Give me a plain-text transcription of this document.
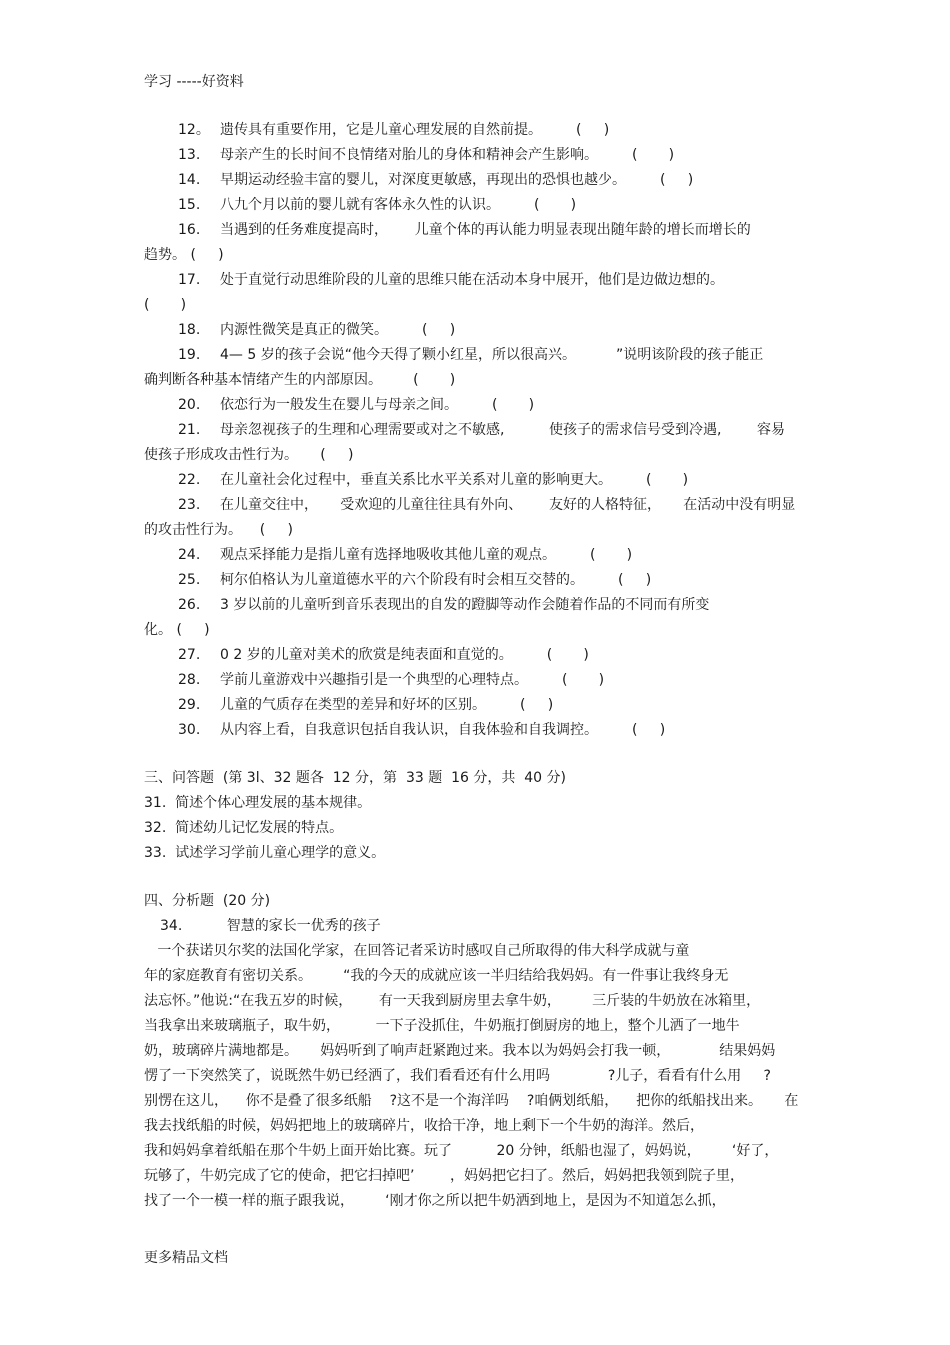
学习 -----好资料
12。 遗传具有重要作用，它是儿童心理发展的自然前提。 (     )
13.	母亲产生的长时间不良情绪对胎儿的身体和精神会产生影响。 (       )
14.	早期运动经验丰富的婴儿，对深度更敏感，再现出的恐惧也越少。 (     )
15.	八九个月以前的婴儿就有客体永久性的认识。 (       )
16.	当遇到的任务难度提高时，      儿童个体的再认能力明显表现出随年龄的增长而增长的
趋势。 (     )
17.	处于直觉行动思维阶段的儿童的思维只能在活动本身中展开，他们是边做边想的。
(       )
18.	内源性微笑是真正的微笑。 (     )
19.	4— 5 岁的孩子会说“他今天得了颗小红星，所以很高兴。         ”说明该阶段的孩子能正
确判断各种基本情绪产生的内部原因。       (       )
20.	依恋行为一般发生在婴儿与母亲之间。 (       )
21.	母亲忽视孩子的生理和心理需要或对之不敏感,          使孩子的需求信号受到冷遇,        容易
使孩子形成攻击性行为。     (     )
22.	在儿童社会化过程中，垂直关系比水平关系对儿童的影响更大。 (       )
23.	在儿童交往中，     受欢迎的儿童往往具有外向、      友好的人格特征，     在活动中没有明显
的攻击性行为。    (     )
24.	观点采择能力是指儿童有选择地吸收其他儿童的观点。 (       )
25.	柯尔伯格认为儿童道德水平的六个阶段有时会相互交替的。 (     )
26.	3 岁以前的儿童听到音乐表现出的自发的蹬脚等动作会随着作品的不同而有所变
化。 (     )
27.	0 2 岁的儿童对美术的欣赏是纯表面和直觉的。 (       )
28.	学前儿童游戏中兴趣指引是一个典型的心理特点。 (       )
29.	儿童的气质存在类型的差异和好坏的区别。 (     )
30.	从内容上看，自我意识包括自我认识，自我体验和自我调控。 (     )
三、问答题  (第 3l、32 题各  12 分，第  33 题  16 分，共  40 分)
31.  简述个体心理发展的基本规律。
32.  简述幼儿记忆发展的特点。
33.  试述学习学前儿童心理学的意义。
四、分析题  (20 分)
34.          智慧的家长一优秀的孩子
一个获诺贝尔奖的法国化学家，在回答记者采访时感叹自己所取得的伟大科学成就与童
年的家庭教育有密切关系。       “我的今天的成就应该一半归结给我妈妈。有一件事让我终身无
法忘怀。”他说:“在我五岁的时候，      有一天我到厨房里去拿牛奶，       三斤装的牛奶放在冰箱里，
当我拿出来玻璃瓶子，取牛奶，        一下子没抓住，牛奶瓶打倒厨房的地上，整个儿洒了一地牛
奶，玻璃碎片满地都是。     妈妈听到了响声赶紧跑过来。我本以为妈妈会打我一顿，           结果妈妈
愣了一下突然笑了，说既然牛奶已经洒了，我们看看还有什么用吗             ?儿子，看看有什么用     ?
别愣在这儿，    你不是叠了很多纸船    ?这不是一个海洋吗    ?咱俩划纸船，    把你的纸船找出来。     在
我去找纸船的时候，妈妈把地上的玻璃碎片，收拾干净，地上剩下一个牛奶的海洋。然后，
我和妈妈拿着纸船在那个牛奶上面开始比赛。玩了          20 分钟，纸船也湿了，妈妈说，       ‘好了，
玩够了，牛奶完成了它的使命，把它扫掉吧’        ，妈妈把它扫了。然后，妈妈把我领到院子里，
找了一个一模一样的瓶子跟我说，       ‘刚才你之所以把牛奶洒到地上，是因为不知道怎么抓，
更多精品文档
